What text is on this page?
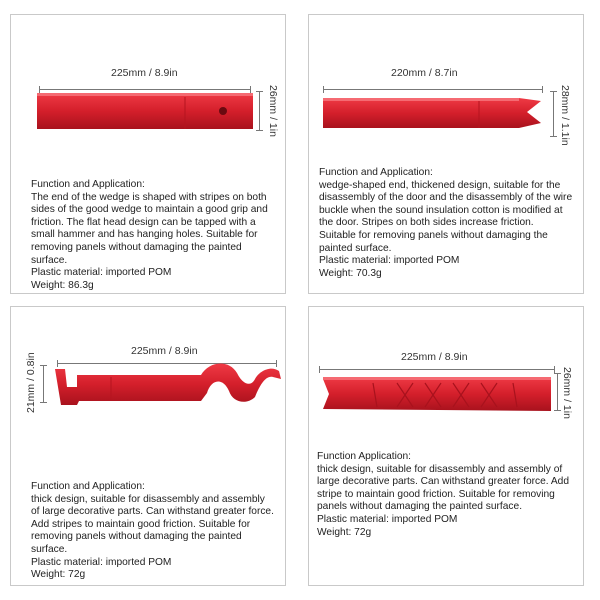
225mm / 8.9in
26mm / 1in

Function and Application:

The end of the wedge is shaped with stripes on both sides of the good wedge to maintain a good grip and friction. The flat head design can be tapped with a small hammer and has hanging holes. Suitable for removing panels without damaging the painted surface.

Plastic material: imported POM

Weight: 86.3g

220mm / 8.7in
28mm / 1.1in

Function and Application:

wedge-shaped end, thickened design, suitable for the disassembly of the door and the disassembly of the wire buckle when the sound insulation cotton is modified at the door. Stripes on both sides increase friction. Suitable for removing panels without damaging the painted surface.

Plastic material: imported POM

Weight: 70.3g

225mm / 8.9in
21mm / 0.8in

Function and Application:

thick design, suitable for disassembly and assembly of large decorative parts. Can withstand greater force. Add stripes to maintain good friction. Suitable for removing panels without damaging the painted surface.

Plastic material: imported POM

Weight: 72g

225mm / 8.9in
26mm / 1in

Function Application:

thick design, suitable for disassembly and assembly of large decorative parts. Can withstand greater force. Add stripe to maintain good friction. Suitable for removing panels without damaging the painted surface.

Plastic material: imported POM

Weight: 72g
